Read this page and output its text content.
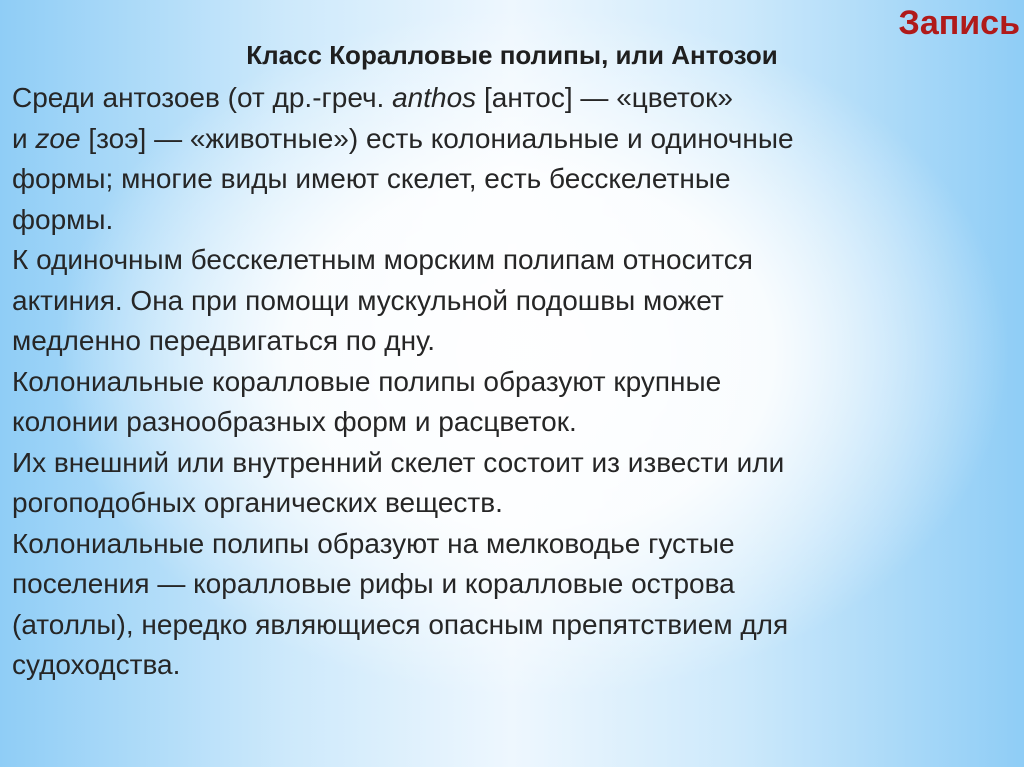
Запись
Класс Коралловые полипы, или Антозои

Среди антозоев (от др.-греч. anthos [антос] — «цветок»
и zoe [зоэ] — «животные») есть колониальные и одиночные
формы; многие виды имеют скелет, есть бесскелетные
формы.

К одиночным бесскелетным морским полипам относится
актиния. Она при помощи мускульной подошвы может
медленно передвигаться по дну.

Колониальные коралловые полипы образуют крупные
колонии разнообразных форм и расцветок.

Их внешний или внутренний скелет состоит из извести или
рогоподобных органических веществ.

Колониальные полипы образуют на мелководье густые
поселения — коралловые рифы и коралловые острова
(атоллы), нередко являющиеся опасным препятствием для
судоходства.
